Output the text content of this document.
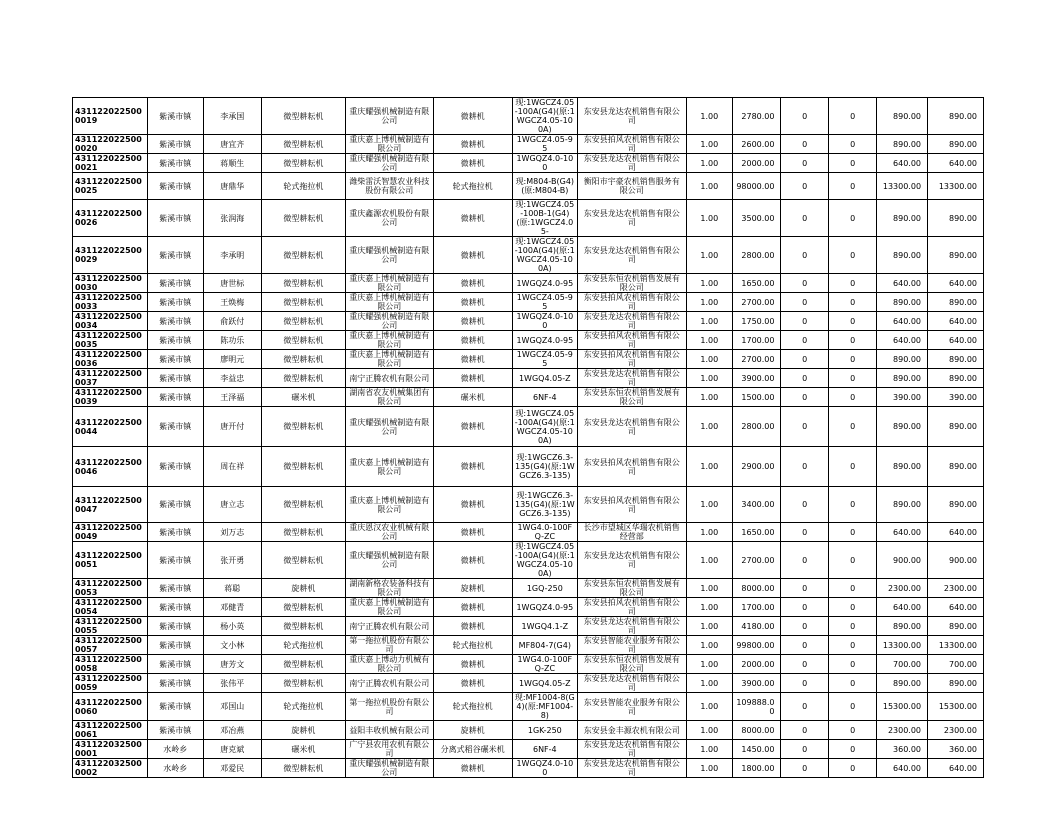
4311220225000019	紫溪市镇	李承国	微型耕耘机	重庆耀强机械制造有限公司	微耕机	现:1WGCZ4.05-100A(G4)(原:1WGCZ4.05-100A)	东安县龙达农机销售有限公司	1.00	2780.00	0	0	890.00	890.00
4311220225000020	紫溪市镇	唐宜齐	微型耕耘机	重庆嘉上博机械制造有限公司	微耕机	1WGCZ4.05-95	东安县拍风农机销售有限公司	1.00	2600.00	0	0	890.00	890.00
4311220225000021	紫溪市镇	蒋顺生	微型耕耘机	重庆耀强机械制造有限公司	微耕机	1WGQZ4.0-100	东安县龙达农机销售有限公司	1.00	2000.00	0	0	640.00	640.00
4311220225000025	紫溪市镇	唐鼎华	轮式拖拉机	潍柴雷沃智慧农业科技股份有限公司	轮式拖拉机	现:M804-B(G4)(原:M804-B)	衡阳市宇豪农机销售服务有限公司	1.00	98000.00	0	0	13300.00	13300.00
4311220225000026	紫溪市镇	张润海	微型耕耘机	重庆鑫源农机股份有限公司	微耕机	现:1WGCZ4.05-100B-1(G4)(原:1WGCZ4.05-	东安县龙达农机销售有限公司	1.00	3500.00	0	0	890.00	890.00
4311220225000029	紫溪市镇	李承明	微型耕耘机	重庆耀强机械制造有限公司	微耕机	现:1WGCZ4.05-100A(G4)(原:1WGCZ4.05-100A)	东安县龙达农机销售有限公司	1.00	2800.00	0	0	890.00	890.00
4311220225000030	紫溪市镇	唐世标	微型耕耘机	重庆嘉上博机械制造有限公司	微耕机	1WGQZ4.0-95	东安县东恒农机销售发展有限公司	1.00	1650.00	0	0	640.00	640.00
4311220225000033	紫溪市镇	王焕梅	微型耕耘机	重庆嘉上博机械制造有限公司	微耕机	1WGCZ4.05-95	东安县拍风农机销售有限公司	1.00	2700.00	0	0	890.00	890.00
4311220225000034	紫溪市镇	俞跃付	微型耕耘机	重庆耀强机械制造有限公司	微耕机	1WGQZ4.0-100	东安县龙达农机销售有限公司	1.00	1750.00	0	0	640.00	640.00
4311220225000035	紫溪市镇	陈功乐	微型耕耘机	重庆嘉上博机械制造有限公司	微耕机	1WGQZ4.0-95	东安县拍风农机销售有限公司	1.00	1700.00	0	0	640.00	640.00
4311220225000036	紫溪市镇	廖明元	微型耕耘机	重庆嘉上博机械制造有限公司	微耕机	1WGCZ4.05-95	东安县拍风农机销售有限公司	1.00	2700.00	0	0	890.00	890.00
4311220225000037	紫溪市镇	李益忠	微型耕耘机	南宁正腾农机有限公司	微耕机	1WGQ4.05-Z	东安县龙达农机销售有限公司	1.00	3900.00	0	0	890.00	890.00
4311220225000039	紫溪市镇	王泽福	碾米机	湖南省农友机械集团有限公司	碾米机	6NF-4	东安县东恒农机销售发展有限公司	1.00	1500.00	0	0	390.00	390.00
4311220225000044	紫溪市镇	唐开付	微型耕耘机	重庆耀强机械制造有限公司	微耕机	现:1WGCZ4.05-100A(G4)(原:1WGCZ4.05-100A)	东安县龙达农机销售有限公司	1.00	2800.00	0	0	890.00	890.00
4311220225000046	紫溪市镇	周在祥	微型耕耘机	重庆嘉上博机械制造有限公司	微耕机	现:1WGCZ6.3-135(G4)(原:1WGCZ6.3-135)	东安县拍风农机销售有限公司	1.00	2900.00	0	0	890.00	890.00
4311220225000047	紫溪市镇	唐立志	微型耕耘机	重庆嘉上博机械制造有限公司	微耕机	现:1WGCZ6.3-135(G4)(原:1WGCZ6.3-135)	东安县拍风农机销售有限公司	1.00	3400.00	0	0	890.00	890.00
4311220225000049	紫溪市镇	刘万志	微型耕耘机	重庆恩汉农业机械有限公司	微耕机	1WG4.0-100FQ-ZC	长沙市望城区华瑞农机销售经营部	1.00	1650.00	0	0	640.00	640.00
4311220225000051	紫溪市镇	张开勇	微型耕耘机	重庆耀强机械制造有限公司	微耕机	现:1WGCZ4.05-100A(G4)(原:1WGCZ4.05-100A)	东安县龙达农机销售有限公司	1.00	2700.00	0	0	900.00	900.00
4311220225000053	紫溪市镇	蒋聪	旋耕机	湖南新格农装备科技有限公司	旋耕机	1GQ-250	东安县东恒农机销售发展有限公司	1.00	8000.00	0	0	2300.00	2300.00
4311220225000054	紫溪市镇	邓健青	微型耕耘机	重庆嘉上博机械制造有限公司	微耕机	1WGQZ4.0-95	东安县拍风农机销售有限公司	1.00	1700.00	0	0	640.00	640.00
4311220225000055	紫溪市镇	杨小英	微型耕耘机	南宁正腾农机有限公司	微耕机	1WGQ4.1-Z	东安县龙达农机销售有限公司	1.00	4180.00	0	0	890.00	890.00
4311220225000057	紫溪市镇	文小林	轮式拖拉机	第一拖拉机股份有限公司	轮式拖拉机	MF804-7(G4)	东安县智能农业服务有限公司	1.00	99800.00	0	0	13300.00	13300.00
4311220225000058	紫溪市镇	唐芳文	微型耕耘机	重庆嘉上博动力机械有限公司	微耕机	1WG4.0-100FQ-ZC	东安县东恒农机销售发展有限公司	1.00	2000.00	0	0	700.00	700.00
4311220225000059	紫溪市镇	张伟平	微型耕耘机	南宁正腾农机有限公司	微耕机	1WGQ4.05-Z	东安县龙达农机销售有限公司	1.00	3900.00	0	0	890.00	890.00
4311220225000060	紫溪市镇	邓国山	轮式拖拉机	第一拖拉机股份有限公司	轮式拖拉机	现:MF1004-8(G4)(原:MF1004-8)	东安县智能农业服务有限公司	1.00	109888.00	0	0	15300.00	15300.00
4311220225000061	紫溪市镇	邓冶燕	旋耕机	益阳丰收机械有限公司	旋耕机	1GK-250	东安县金丰源农机有限公司	1.00	8000.00	0	0	2300.00	2300.00
4311220325000001	水岭乡	唐克斌	碾米机	广宁县农用农机有限公司	分离式稻谷碾米机	6NF-4	东安县龙达农机销售有限公司	1.00	1450.00	0	0	360.00	360.00
4311220325000002	水岭乡	邓爱民	微型耕耘机	重庆耀强机械制造有限公司	微耕机	1WGQZ4.0-100	东安县龙达农机销售有限公司	1.00	1800.00	0	0	640.00	640.00
